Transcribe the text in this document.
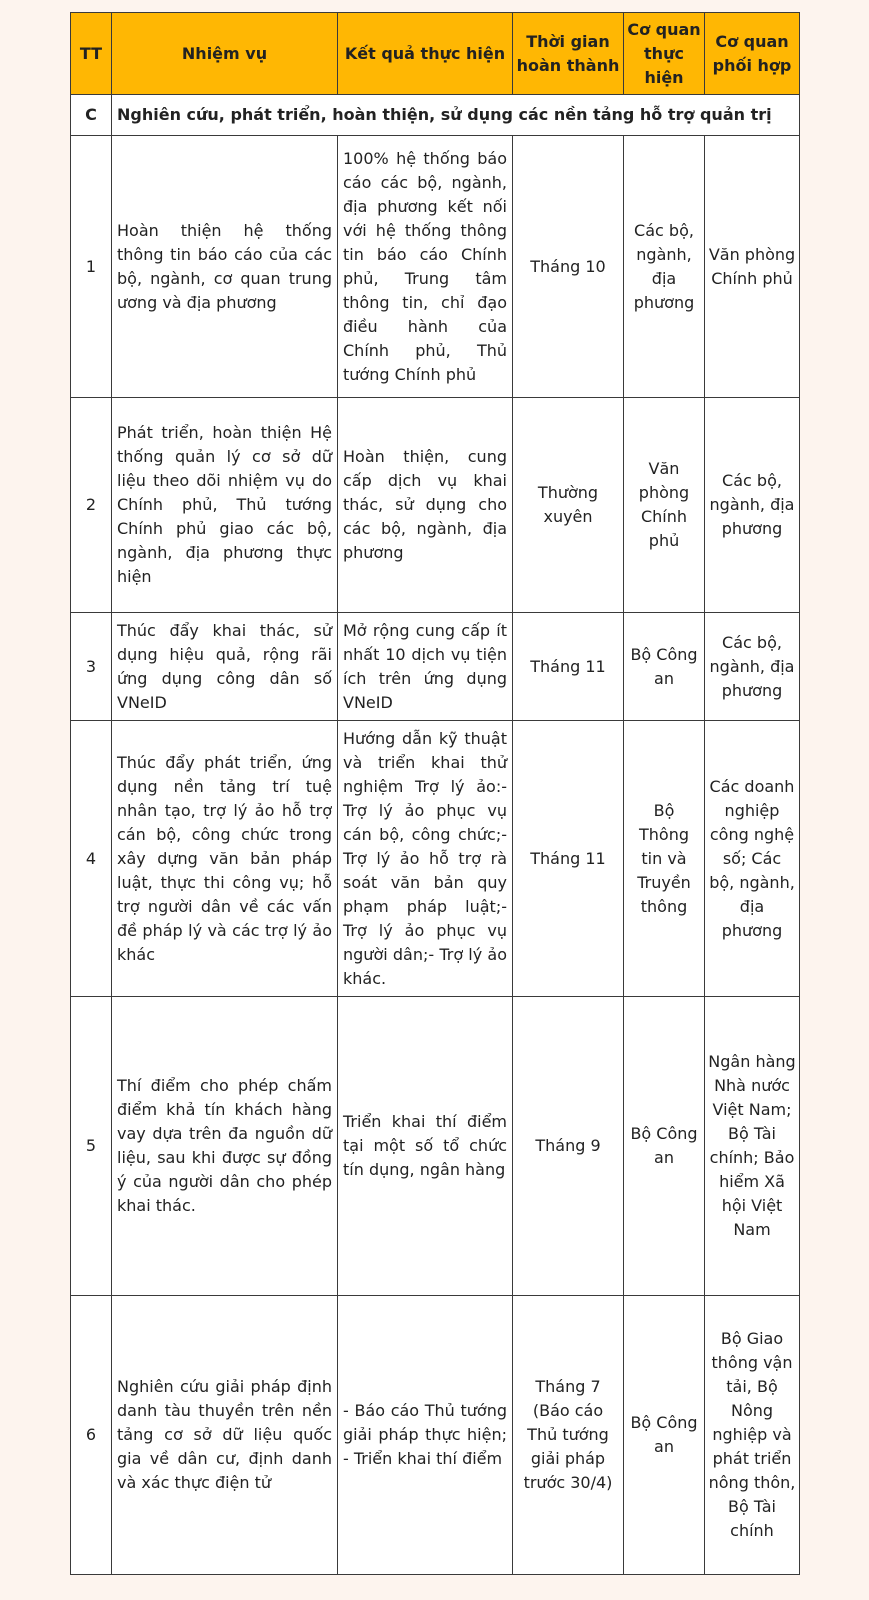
TT	Nhiệm vụ	Kết quả thực hiện	Thời gian hoàn thành	Cơ quan thực hiện	Cơ quan phối hợp
C	Nghiên cứu, phát triển, hoàn thiện, sử dụng các nền tảng hỗ trợ quản trị				
1	Hoàn thiện hệ thống thông tin báo cáo của các bộ, ngành, cơ quan trung ương và địa phương	100% hệ thống báo cáo các bộ, ngành, địa phương kết nối với hệ thống thông tin báo cáo Chính phủ, Trung tâm thông tin, chỉ đạo điều hành của Chính phủ, Thủ tướng Chính phủ	Tháng 10	Các bộ, ngành, địa phương	Văn phòng Chính phủ
2	Phát triển, hoàn thiện Hệ thống quản lý cơ sở dữ liệu theo dõi nhiệm vụ do Chính phủ, Thủ tướng Chính phủ giao các bộ, ngành, địa phương thực hiện	Hoàn thiện, cung cấp dịch vụ khai thác, sử dụng cho các bộ, ngành, địa phương	Thường xuyên	Văn phòng Chính phủ	Các bộ, ngành, địa phương
3	Thúc đẩy khai thác, sử dụng hiệu quả, rộng rãi ứng dụng công dân số VNeID	Mở rộng cung cấp ít nhất 10 dịch vụ tiện ích trên ứng dụng VNeID	Tháng 11	Bộ Công an	Các bộ, ngành, địa phương
4	Thúc đẩy phát triển, ứng dụng nền tảng trí tuệ nhân tạo, trợ lý ảo hỗ trợ cán bộ, công chức trong xây dựng văn bản pháp luật, thực thi công vụ; hỗ trợ người dân về các vấn đề pháp lý và các trợ lý ảo khác	Hướng dẫn kỹ thuật và triển khai thử nghiệm Trợ lý ảo:- Trợ lý ảo phục vụ cán bộ, công chức;- Trợ lý ảo hỗ trợ rà soát văn bản quy phạm pháp luật;- Trợ lý ảo phục vụ người dân;- Trợ lý ảo khác.	Tháng 11	Bộ Thông tin và Truyền thông	Các doanh nghiệp công nghệ số; Các bộ, ngành, địa phương
5	Thí điểm cho phép chấm điểm khả tín khách hàng vay dựa trên đa nguồn dữ liệu, sau khi được sự đồng ý của người dân cho phép khai thác.	Triển khai thí điểm tại một số tổ chức tín dụng, ngân hàng	Tháng 9	Bộ Công an	Ngân hàng Nhà nước Việt Nam; Bộ Tài chính; Bảo hiểm Xã hội Việt Nam
6	Nghiên cứu giải pháp định danh tàu thuyền trên nền tảng cơ sở dữ liệu quốc gia về dân cư, định danh và xác thực điện tử	- Báo cáo Thủ tướng giải pháp thực hiện; - Triển khai thí điểm	Tháng 7 (Báo cáo Thủ tướng giải pháp trước 30/4)	Bộ Công an	Bộ Giao thông vận tải, Bộ Nông nghiệp và phát triển nông thôn, Bộ Tài chính
